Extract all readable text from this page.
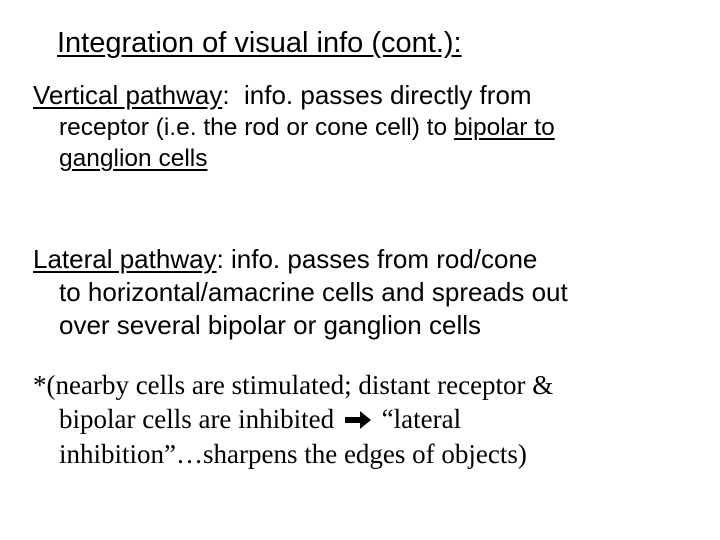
Integration of visual info (cont.):
Vertical pathway:  info. passes directly from
receptor (i.e. the rod or cone cell) to bipolar to
ganglion cells
Lateral pathway: info. passes from rod/cone
to horizontal/amacrine cells and spreads out
over several bipolar or ganglion cells
*(nearby cells are stimulated; distant receptor &
bipolar cells are inhibited  “lateral
inhibition”…sharpens the edges of objects)
